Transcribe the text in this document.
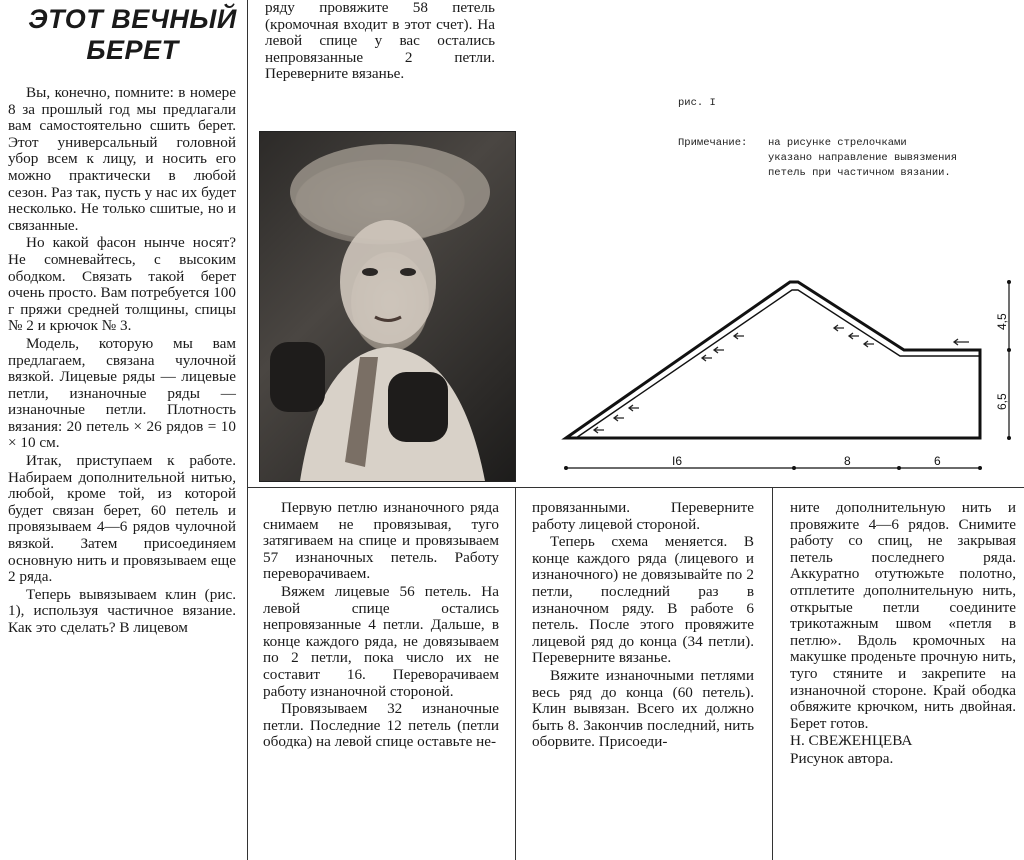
ЭТОТ ВЕЧНЫЙ
БЕРЕТ

Вы, конечно, помните: в номере 8 за прошлый год мы предлагали вам самостоятельно сшить берет. Этот универсальный головной убор всем к лицу, и носить его можно практически в любой сезон. Раз так, пусть у нас их будет несколько. Не только сшитые, но и связанные.

Но какой фасон нынче носят? Не сомневайтесь, с высоким ободком. Связать такой берет очень просто. Вам потребуется 100 г пряжи средней толщины, спицы № 2 и крючок № 3.

Модель, которую мы вам предлагаем, связана чулочной вязкой. Лицевые ряды — лицевые петли, изнаночные ряды — изнаночные петли. Плотность вязания: 20 петель × 26 рядов = 10 × 10 см.

Итак, приступаем к работе. Набираем дополнительной нитью, любой, кроме той, из которой будет связан берет, 60 петель и провязываем 4—6 рядов чулочной вязкой. Затем присоединяем основную нить и провязываем еще 2 ряда.

Теперь вывязываем клин (рис. 1), используя частичное вязание. Как это сделать? В лицевом

ряду провяжите 58 петель (кромочная входит в этот счет). На левой спице у вас остались непровязанные 2 петли. Переверните вязанье.

рис. I
Примечание: на рисунке стрелочками
указано направление вывязмения
петель при частичном вязании.
I6	8	6
4,5
6,5

Первую петлю изнаночного ряда снимаем не провязывая, туго затягиваем на спице и провязываем 57 изнаночных петель. Работу переворачиваем.

Вяжем лицевые 56 петель. На левой спице остались непровязанные 4 петли. Дальше, в конце каждого ряда, не довязываем по 2 петли, пока число их не составит 16. Переворачиваем работу изнаночной стороной.

Провязываем 32 изнаночные петли. Последние 12 петель (петли ободка) на левой спице оставьте не-

провязанными. Переверните работу лицевой стороной.

Теперь схема меняется. В конце каждого ряда (лицевого и изнаночного) не довязывайте по 2 петли, последний раз в изнаночном ряду. В работе 6 петель. После этого провяжите лицевой ряд до конца (34 петли). Переверните вязанье.

Вяжите изнаночными петлями весь ряд до конца (60 петель). Клин вывязан. Всего их должно быть 8. Закончив последний, нить оборвите. Присоеди-

ните дополнительную нить и провяжите 4—6 рядов. Снимите работу со спиц, не закрывая петель последнего ряда. Аккуратно отутюжьте полотно, отплетите дополнительную нить, открытые петли соедините трикотажным швом «петля в петлю». Вдоль кромочных на макушке проденьте прочную нить, туго стяните и закрепите на изнаночной стороне. Край ободка обвяжите крючком, нить двойная. Берет готов.

Н. СВЕЖЕНЦЕВА

Рисунок автора.
